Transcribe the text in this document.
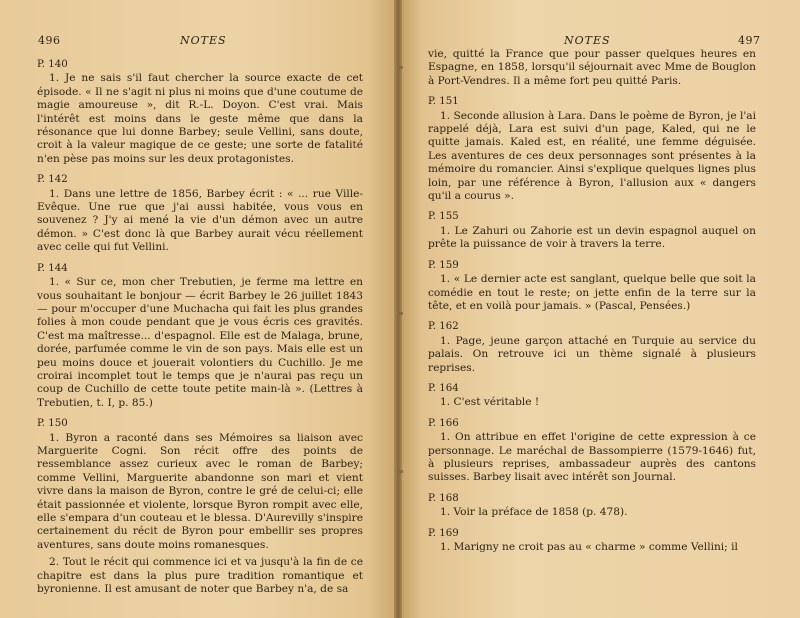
496	NOTES
P. 140

1. Je ne sais s'il faut chercher la source exacte de cet épisode. « Il ne s'agit ni plus ni moins que d'une coutume de magie amoureuse », dit R.-L. Doyon. C'est vrai. Mais l'intérêt est moins dans le geste même que dans la résonance que lui donne Barbey; seule Vellini, sans doute, croit à la valeur magique de ce geste; une sorte de fatalité n'en pèse pas moins sur les deux protagonistes.

P. 142

1. Dans une lettre de 1856, Barbey écrit : « ... rue Ville-Evêque. Une rue que j'ai aussi habitée, vous vous en souvenez ? J'y ai mené la vie d'un démon avec un autre démon. » C'est donc là que Barbey aurait vécu réellement avec celle qui fut Vellini.

P. 144

1. « Sur ce, mon cher Trebutien, je ferme ma lettre en vous souhaitant le bonjour — écrit Barbey le 26 juillet 1843 — pour m'occuper d'une Muchacha qui fait les plus grandes folies à mon coude pendant que je vous écris ces gravités. C'est ma maîtresse... d'espagnol. Elle est de Malaga, brune, dorée, parfumée comme le vin de son pays. Mais elle est un peu moins douce et jouerait volontiers du Cuchillo. Je me croirai incomplet tout le temps que je n'aurai pas reçu un coup de Cuchillo de cette toute petite main-là ». (Lettres à Trebutien, t. I, p. 85.)

P. 150

1. Byron a raconté dans ses Mémoires sa liaison avec Marguerite Cogni. Son récit offre des points de ressemblance assez curieux avec le roman de Barbey; comme Vellini, Marguerite abandonne son mari et vient vivre dans la maison de Byron, contre le gré de celui-ci; elle était passionnée et violente, lorsque Byron rompit avec elle, elle s'empara d'un couteau et le blessa. D'Aurevilly s'inspire certainement du récit de Byron pour embellir ses propres aventures, sans doute moins romanesques.

2. Tout le récit qui commence ici et va jusqu'à la fin de ce chapitre est dans la plus pure tradition romantique et byronienne. Il est amusant de noter que Barbey n'a, de sa

NOTES	497

vie, quitté la France que pour passer quelques heures en Espagne, en 1858, lorsqu'il séjournait avec Mme de Bouglon à Port-Vendres. Il a même fort peu quitté Paris.

P. 151

1. Seconde allusion à Lara. Dans le poème de Byron, je l'ai rappelé déjà, Lara est suivi d'un page, Kaled, qui ne le quitte jamais. Kaled est, en réalité, une femme déguisée. Les aventures de ces deux personnages sont présentes à la mémoire du romancier. Ainsi s'explique quelques lignes plus loin, par une référence à Byron, l'allusion aux « dangers qu'il a courus ».

P. 155

1. Le Zahuri ou Zahorie est un devin espagnol auquel on prête la puissance de voir à travers la terre.

P. 159

1. « Le dernier acte est sanglant, quelque belle que soit la comédie en tout le reste; on jette enfin de la terre sur la tête, et en voilà pour jamais. » (Pascal, Pensées.)

P. 162

1. Page, jeune garçon attaché en Turquie au service du palais. On retrouve ici un thème signalé à plusieurs reprises.

P. 164

1. C'est véritable !

P. 166

1. On attribue en effet l'origine de cette expression à ce personnage. Le maréchal de Bassompierre (1579-1646) fut, à plusieurs reprises, ambassadeur auprès des cantons suisses. Barbey lisait avec intérêt son Journal.

P. 168

1. Voir la préface de 1858 (p. 478).

P. 169

1. Marigny ne croit pas au « charme » comme Vellini; il
